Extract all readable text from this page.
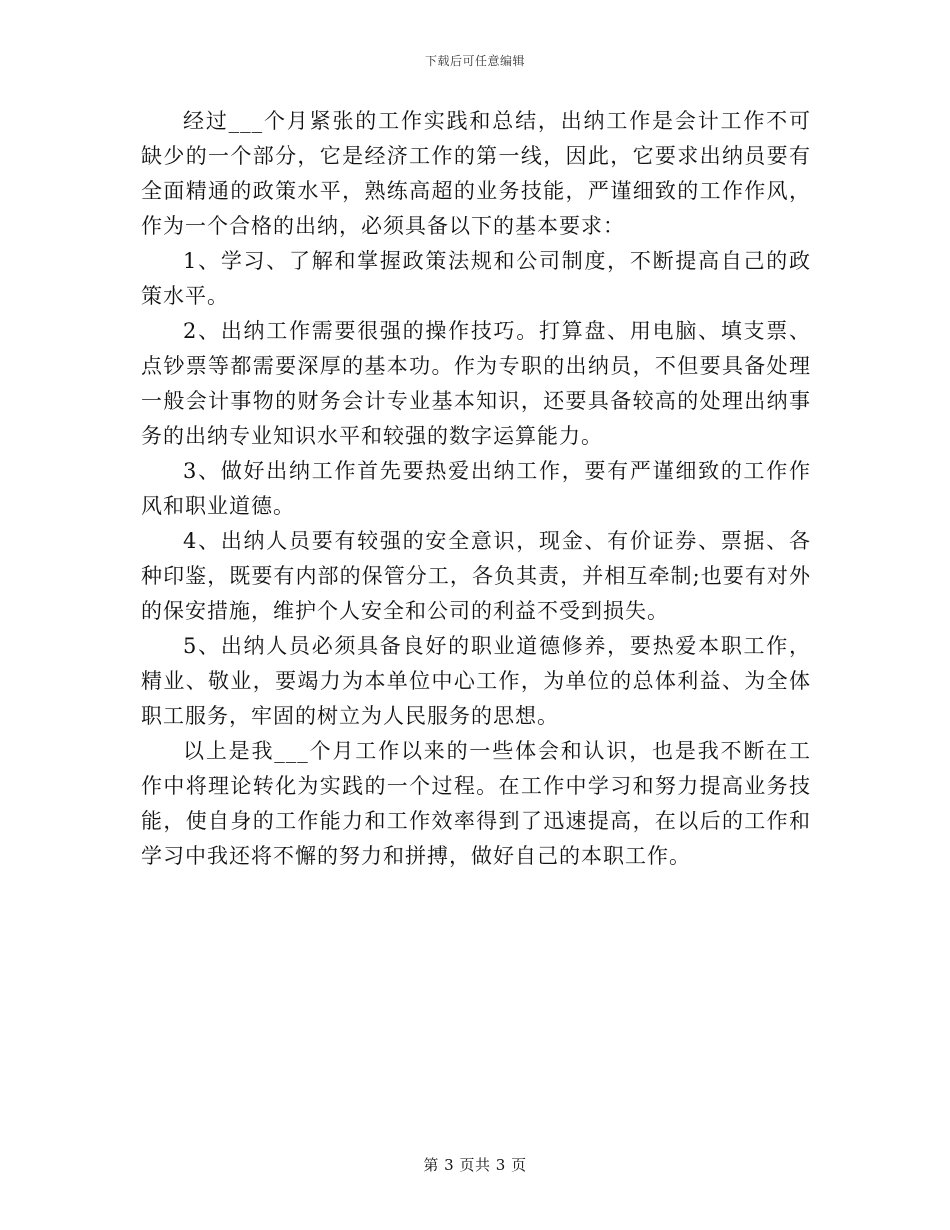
下载后可任意编辑

经过___个月紧张的工作实践和总结，出纳工作是会计工作不可缺少的一个部分，它是经济工作的第一线，因此，它要求出纳员要有全面精通的政策水平，熟练高超的业务技能，严谨细致的工作作风，作为一个合格的出纳，必须具备以下的基本要求：

1、学习、了解和掌握政策法规和公司制度，不断提高自己的政策水平。

2、出纳工作需要很强的操作技巧。打算盘、用电脑、填支票、点钞票等都需要深厚的基本功。作为专职的出纳员，不但要具备处理一般会计事物的财务会计专业基本知识，还要具备较高的处理出纳事务的出纳专业知识水平和较强的数字运算能力。

3、做好出纳工作首先要热爱出纳工作，要有严谨细致的工作作风和职业道德。

4、出纳人员要有较强的安全意识，现金、有价证券、票据、各种印鉴，既要有内部的保管分工，各负其责，并相互牵制;也要有对外的保安措施，维护个人安全和公司的利益不受到损失。

5、出纳人员必须具备良好的职业道德修养，要热爱本职工作，精业、敬业，要竭力为本单位中心工作，为单位的总体利益、为全体职工服务，牢固的树立为人民服务的思想。

以上是我___个月工作以来的一些体会和认识，也是我不断在工作中将理论转化为实践的一个过程。在工作中学习和努力提高业务技能，使自身的工作能力和工作效率得到了迅速提高，在以后的工作和学习中我还将不懈的努力和拼搏，做好自己的本职工作。

第 3 页共 3 页
